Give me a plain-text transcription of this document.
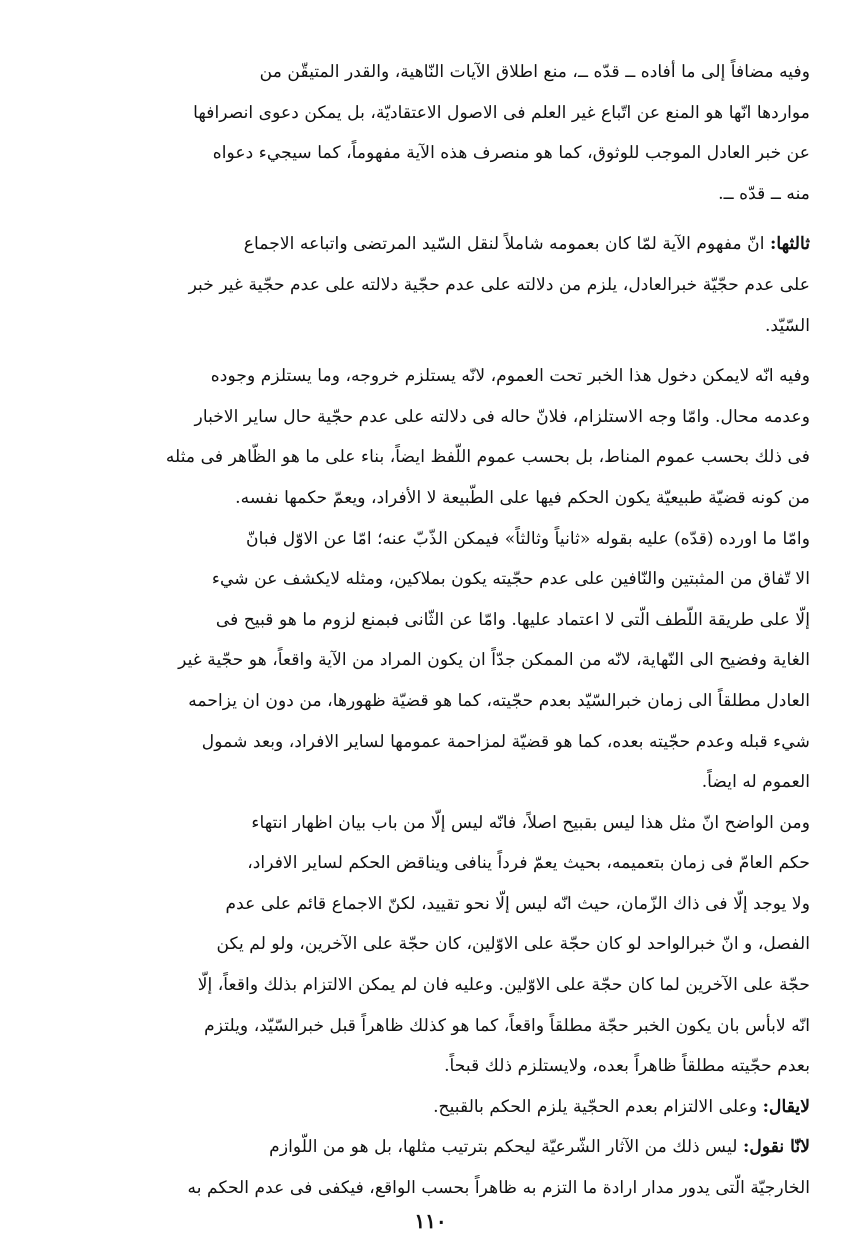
وفيه مضافاً إلى ما أفاده ــ قدّه ــ، منع اطلاق الآيات النّاهية، والقدر المتيقّن من
مواردها انّها هو المنع عن اتّباع غير العلم فى الاصول الاعتقاديّة، بل يمكن دعوى انصرافها
عن خبر العادل الموجب للوثوق، كما هو منصرف هذه الآية مفهوماً، كما سيجيء دعواه
منه ــ قدّه ــ.
ثالثها: انّ مفهوم الآية لمّا كان بعمومه شاملاً لنقل السّيد المرتضى واتباعه الاجماع
على عدم حجّيّة خبرالعادل، يلزم من دلالته على عدم حجّية دلالته على عدم حجّية غير خبر
السّيّد.
وفيه انّه لايمكن دخول هذا الخبر تحت العموم، لانّه يستلزم خروجه، وما يستلزم وجوده
وعدمه محال. وامّا وجه الاستلزام، فلانّ حاله فى دلالته على عدم حجّية حال ساير الاخبار
فى ذلك بحسب عموم المناط، بل بحسب عموم اللّفظ ايضاً، بناء على ما هو الظّاهر فى مثله
من كونه قضيّة طبيعيّة يكون الحكم فيها على الطّبيعة لا الأفراد، ويعمّ حكمها نفسه.
وامّا ما اورده (قدّه) عليه بقوله «ثانياً وثالثاً» فيمكن الذّبّ عنه؛ امّا عن الاوّل فبانّ
الا تّفاق من المثبتين والنّافين على عدم حجّيته يكون بملاكين، ومثله لايكشف عن شيء
إلّا على طريقة اللّطف الّتى لا اعتماد عليها. وامّا عن الثّانى فبمنع لزوم ما هو قبيح فى
الغاية وفضيح الى النّهاية، لانّه من الممكن جدّاً ان يكون المراد من الآية واقعاً، هو حجّية غير
العادل مطلقاً الى زمان خبرالسّيّد بعدم حجّيته، كما هو قضيّة ظهورها، من دون ان يزاحمه
شيء قبله وعدم حجّيته بعده، كما هو قضيّة لمزاحمة عمومها لساير الافراد، وبعد شمول
العموم له ايضاً.
ومن الواضح انّ مثل هذا ليس بقبيح اصلاً، فانّه ليس إلّا من باب بيان اظهار انتهاء
حكم العامّ فى زمان بتعميمه، بحيث يعمّ فرداً ينافى ويناقض الحكم لساير الافراد،
ولا يوجد إلّا فى ذاك الزّمان، حيث انّه ليس إلّا نحو تقييد، لكنّ الاجماع قائم على عدم
الفصل، و انّ خبرالواحد لو كان حجّة على الاوّلين، كان حجّة على الآخرين، ولو لم يكن
حجّة على الآخرين لما كان حجّة على الاوّلين. وعليه فان لم يمكن الالتزام بذلك واقعاً، إلّا
انّه لابأس بان يكون الخبر حجّة مطلقاً واقعاً، كما هو كذلك ظاهراً قبل خبرالسّيّد، ويلتزم
بعدم حجّيته مطلقاً ظاهراً بعده، ولايستلزم ذلك قبحاً.
لايقال: وعلى الالتزام بعدم الحجّية يلزم الحكم بالقبيح.
لانّا نقول: ليس ذلك من الآثار الشّرعيّة ليحكم بترتيب مثلها، بل هو من اللّوازم
الخارجيّة الّتى يدور مدار ارادة ما التزم به ظاهراً بحسب الواقع، فيكفى فى عدم الحكم به
١١٠
